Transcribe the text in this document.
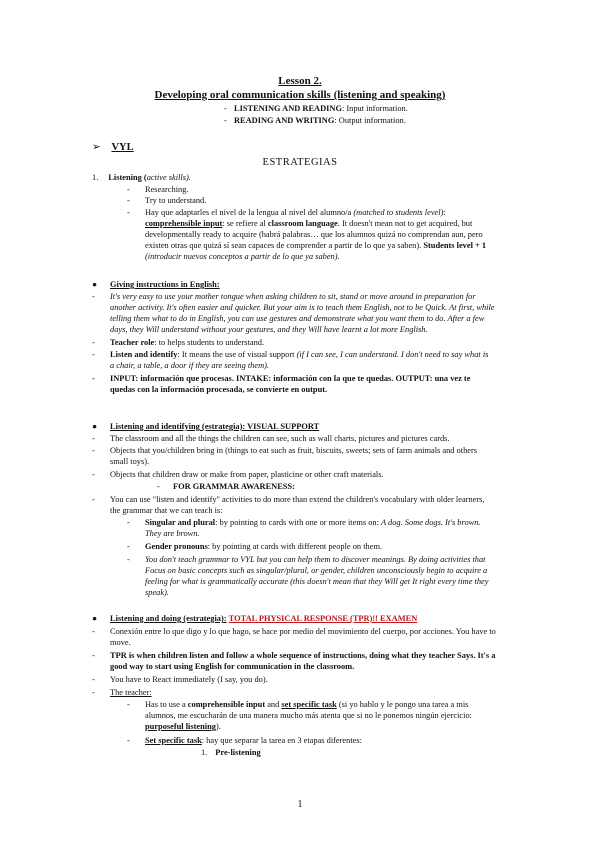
Lesson 2.
Developing oral communication skills (listening and speaking)
- LISTENING AND READING: Input information.
- READING AND WRITING: Output information.
➢ VYL
ESTRATEGIAS
1. Listening (active skills).
- Researching.
- Try to understand.
- Hay que adaptarles el nivel de la lengua al nivel del alumno/a (matched to students level):
comprehensible input: se refiere al classroom language. It doesn't mean not to get acquired, but
developmentally ready to acquire (habrá palabras… que los alumnos quizá no comprendan aun, pero
existen otras que quizá sí sean capaces de comprender a partir de lo que ya saben). Students level + 1
(introducir nuevos conceptos a partir de lo que ya saben).
● Giving instructions in English:
- It's very easy to use your mother tongue when asking children to sit, stand or move around in preparation for
another activity. It's often easier and quicker. But your aim is to teach them English, not to be Quick. At first, while
telling them what to do in English, you can use gestures and demonstrate what you want them to do. After a few
days, they Will understand without your gestures, and they Will have learnt a lot more English.
- Teacher role: to helps students to understand.
- Listen and identify: It means the use of visual support (if I can see, I can understand. I don't need to say what is
a chair, a table, a door if they are seeing them).
- INPUT: información que procesas. INTAKE: información con la que te quedas. OUTPUT: una vez te
quedas con la información procesada, se convierte en output.
● Listening and identifying (estrategia): VISUAL SUPPORT
- The classroom and all the things the children can see, such as wall charts, pictures and pictures cards.
- Objects that you/children bring in (things to eat such as fruit, biscuits, sweets; sets of farm animals and others
small toys).
- Objects that children draw or make from paper, plasticine or other craft materials.
- FOR GRAMMAR AWARENESS:
- You can use "listen and identify" activities to do more than extend the children's vocabulary with older learners,
the grammar that we can teach is:
- Singular and plural: by pointing to cards with one or more items on: A dog. Some dogs. It's brown.
They are brown.
- Gender pronouns: by pointing at cards with different people on them.
- You don't teach grammar to VYL but you can help them to discover meanings. By doing activities that
Focus on basic concepts such as singular/plural, or gender, children unconsciously begin to acquire a
feeling for what is grammatically accurate (this doesn't mean that they Will get It right every time they
speak).
● Listening and doing (estrategia): TOTAL PHYSICAL RESPONSE (TPR)!! EXAMEN
- Conexión entre lo que digo y lo que hago, se hace por medio del movimiento del cuerpo, por acciones. You have to
move.
- TPR is when children listen and follow a whole sequence of instructions, doing what they teacher Says. It's a
good way to start using English for communication in the classroom.
- You have to React immediately (I say, you do).
- The teacher:
- Has to use a comprehensible input and set specific task (si yo hablo y le pongo una tarea a mis
alumnos, me escucharán de una manera mucho más atenta que si no le ponemos ningún ejercicio:
purposeful listening).
- Set specific task: hay que separar la tarea en 3 etapas diferentes:
1. Pre-listening
1
